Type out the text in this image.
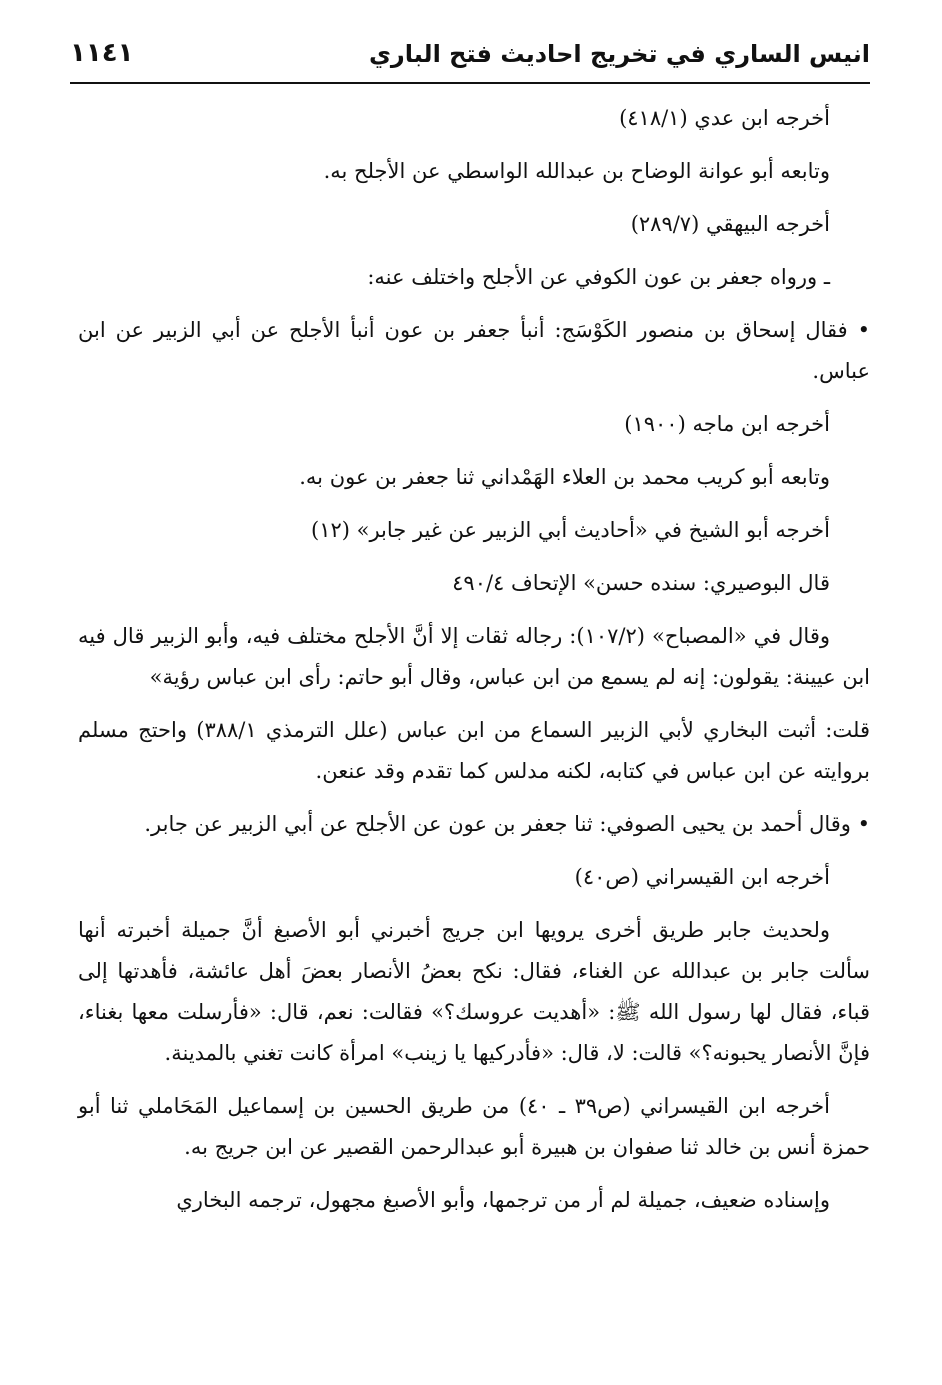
انيس الساري في تخريج احاديث فتح الباري
١١٤١

أخرجه ابن عدي (٤١٨/١)

وتابعه أبو عوانة الوضاح بن عبدالله الواسطي عن الأجلح به.

أخرجه البيهقي (٢٨٩/٧)

ـ ورواه جعفر بن عون الكوفي عن الأجلح واختلف عنه:

• فقال إسحاق بن منصور الكَوْسَج: أنبأ جعفر بن عون أنبأ الأجلح عن أبي الزبير عن ابن عباس.

أخرجه ابن ماجه (١٩٠٠)

وتابعه أبو كريب محمد بن العلاء الهَمْداني ثنا جعفر بن عون به.

أخرجه أبو الشيخ في «أحاديث أبي الزبير عن غير جابر» (١٢)

قال البوصيري: سنده حسن» الإتحاف ٤٩٠/٤

وقال في «المصباح» (١٠٧/٢): رجاله ثقات إلا أنَّ الأجلح مختلف فيه، وأبو الزبير قال فيه ابن عيينة: يقولون: إنه لم يسمع من ابن عباس، وقال أبو حاتم: رأى ابن عباس رؤية»

قلت: أثبت البخاري لأبي الزبير السماع من ابن عباس (علل الترمذي ٣٨٨/١) واحتج مسلم بروايته عن ابن عباس في كتابه، لكنه مدلس كما تقدم وقد عنعن.

• وقال أحمد بن يحيى الصوفي: ثنا جعفر بن عون عن الأجلح عن أبي الزبير عن جابر.

أخرجه ابن القيسراني (ص٤٠)

ولحديث جابر طريق أخرى يرويها ابن جريج أخبرني أبو الأصبغ أنَّ جميلة أخبرته أنها سألت جابر بن عبدالله عن الغناء، فقال: نكح بعضُ الأنصار بعضَ أهل عائشة، فأهدتها إلى قباء، فقال لها رسول الله ﷺ: «أهديت عروسك؟» فقالت: نعم، قال: «فأرسلت معها بغناء، فإنَّ الأنصار يحبونه؟» قالت: لا، قال: «فأدركيها يا زينب» امرأة كانت تغني بالمدينة.

أخرجه ابن القيسراني (ص٣٩ ـ ٤٠) من طريق الحسين بن إسماعيل المَحَاملي ثنا أبو حمزة أنس بن خالد ثنا صفوان بن هبيرة أبو عبدالرحمن القصير عن ابن جريج به.

وإسناده ضعيف، جميلة لم أر من ترجمها، وأبو الأصبغ مجهول، ترجمه البخاري
